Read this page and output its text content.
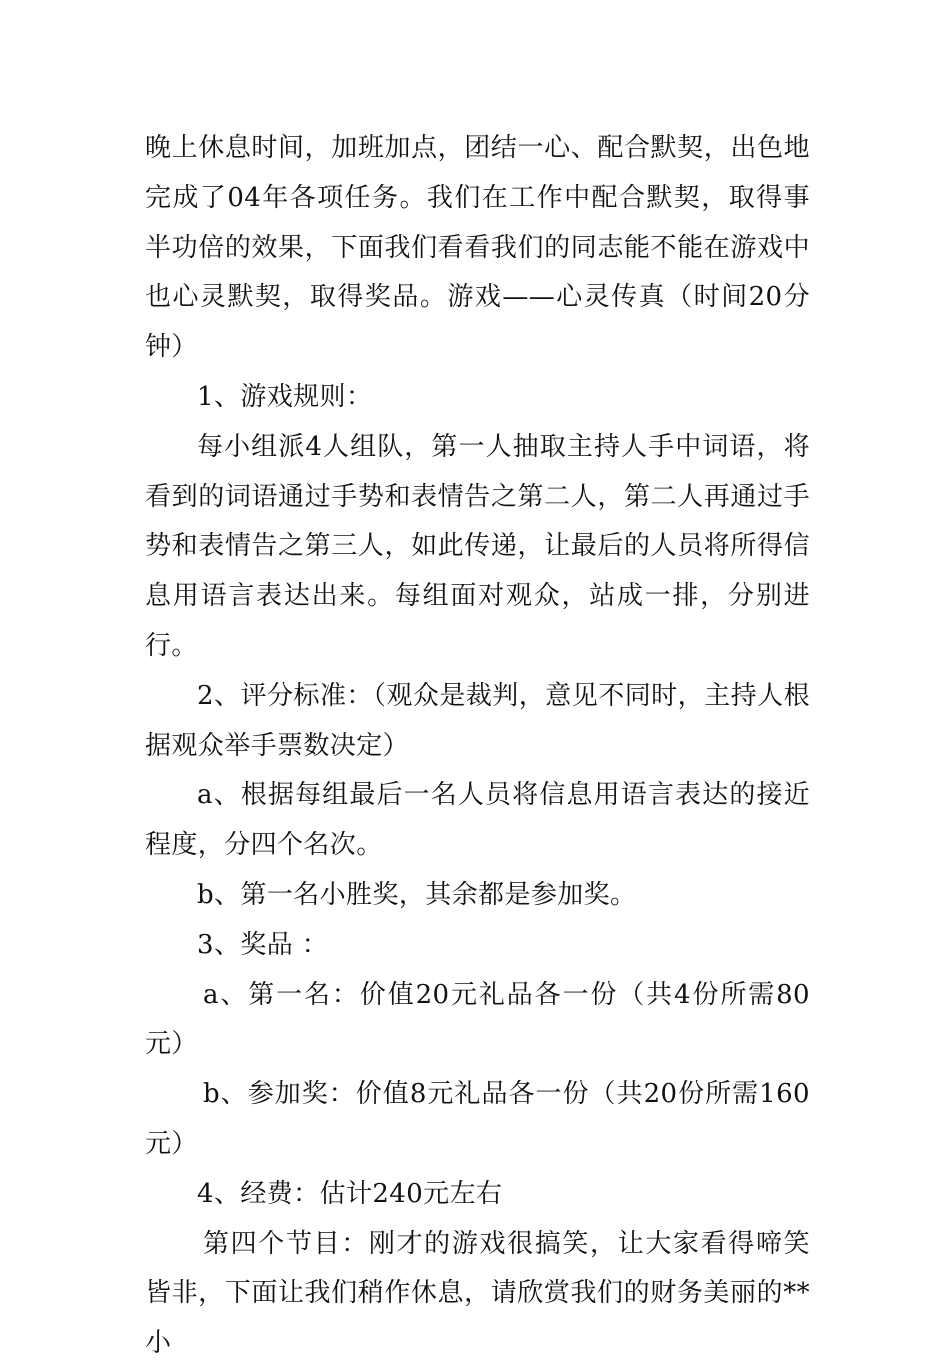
晚上休息时间，加班加点，团结一心、配合默契，出色地完成了04年各项任务。我们在工作中配合默契，取得事半功倍的效果，下面我们看看我们的同志能不能在游戏中也心灵默契，取得奖品。游戏——心灵传真（时间20分钟）

1、游戏规则：

每小组派4人组队，第一人抽取主持人手中词语，将看到的词语通过手势和表情告之第二人，第二人再通过手势和表情告之第三人，如此传递，让最后的人员将所得信息用语言表达出来。每组面对观众，站成一排，分别进行。

2、评分标准：（观众是裁判，意见不同时，主持人根据观众举手票数决定）

a、根据每组最后一名人员将信息用语言表达的接近程度，分四个名次。

b、第一名小胜奖，其余都是参加奖。

3、奖品 ：

a、第一名：价值20元礼品各一份（共4份所需80元）

b、参加奖：价值8元礼品各一份（共20份所需160元）

4、经费：估计240元左右

第四个节目：刚才的游戏很搞笑，让大家看得啼笑皆非，下面让我们稍作休息，请欣赏我们的财务美丽的**小
